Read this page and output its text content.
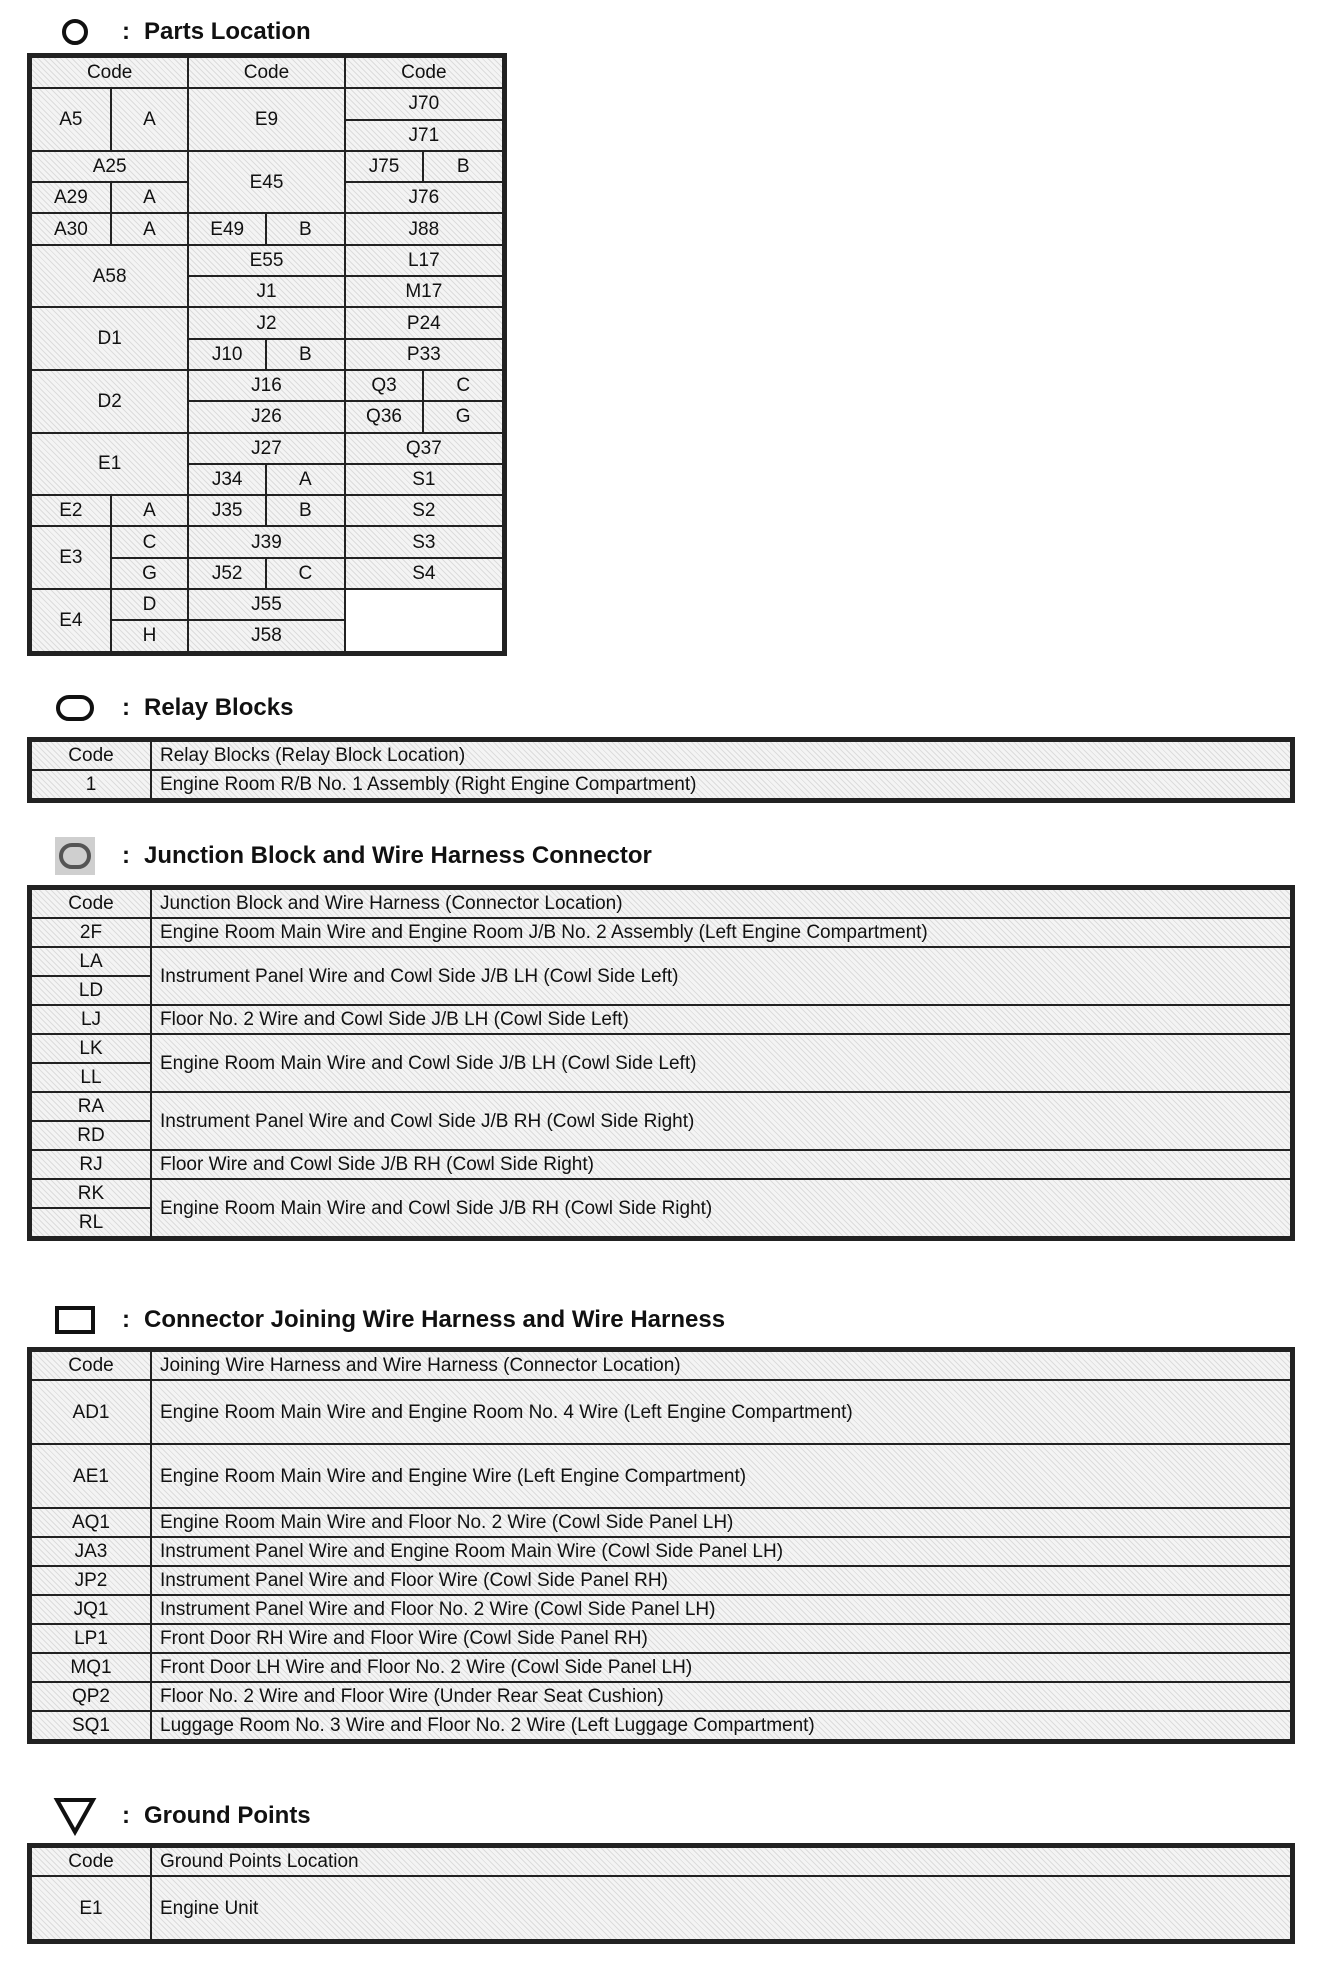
: Parts Location
Code		Code		Code	
A5	A	E9		J70	
				J71	
A25		E45		J75	B
A29	A			J76	
A30	A	E49	B	J88	
A58		E55		L17	
		J1		M17	
D1		J2		P24	
		J10	B	P33	
D2		J16		Q3	C
		J26		Q36	G
E1		J27		Q37	
		J34	A	S1	
E2	A	J35	B	S2	
E3	C	J39		S3	
	G	J52	C	S4	
E4	D	J55			
	H	J58			
: Relay Blocks
Code	Relay Blocks (Relay Block Location)
1	Engine Room R/B No. 1 Assembly (Right Engine Compartment)
: Junction Block and Wire Harness Connector
Code	Junction Block and Wire Harness (Connector Location)
2F	Engine Room Main Wire and Engine Room J/B No. 2 Assembly (Left Engine Compartment)
LA	Instrument Panel Wire and Cowl Side J/B LH (Cowl Side Left)
LD	
LJ	Floor No. 2 Wire and Cowl Side J/B LH (Cowl Side Left)
LK	Engine Room Main Wire and Cowl Side J/B LH (Cowl Side Left)
LL	
RA	Instrument Panel Wire and Cowl Side J/B RH (Cowl Side Right)
RD	
RJ	Floor Wire and Cowl Side J/B RH (Cowl Side Right)
RK	Engine Room Main Wire and Cowl Side J/B RH (Cowl Side Right)
RL	
: Connector Joining Wire Harness and Wire Harness
Code	Joining Wire Harness and Wire Harness (Connector Location)
AD1	Engine Room Main Wire and Engine Room No. 4 Wire (Left Engine Compartment)
AE1	Engine Room Main Wire and Engine Wire (Left Engine Compartment)
AQ1	Engine Room Main Wire and Floor No. 2 Wire (Cowl Side Panel LH)
JA3	Instrument Panel Wire and Engine Room Main Wire (Cowl Side Panel LH)
JP2	Instrument Panel Wire and Floor Wire (Cowl Side Panel RH)
JQ1	Instrument Panel Wire and Floor No. 2 Wire (Cowl Side Panel LH)
LP1	Front Door RH Wire and Floor Wire (Cowl Side Panel RH)
MQ1	Front Door LH Wire and Floor No. 2 Wire (Cowl Side Panel LH)
QP2	Floor No. 2 Wire and Floor Wire (Under Rear Seat Cushion)
SQ1	Luggage Room No. 3 Wire and Floor No. 2 Wire (Left Luggage Compartment)
: Ground Points
Code	Ground Points Location
E1	Engine Unit
